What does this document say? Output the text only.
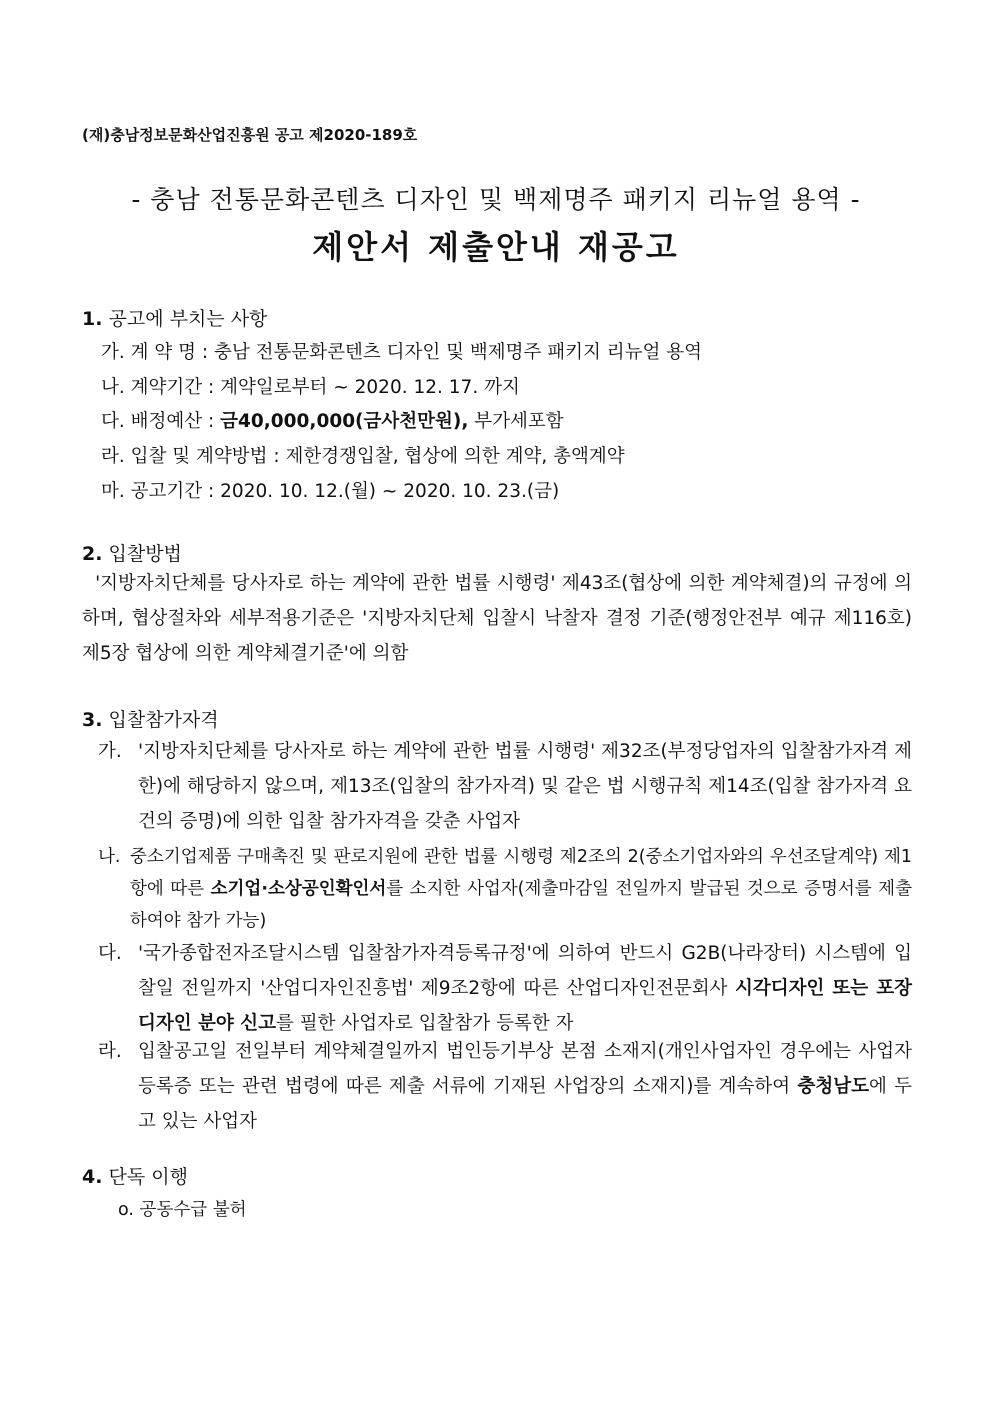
(재)충남정보문화산업진흥원 공고 제2020-189호
- 충남 전통문화콘텐츠 디자인 및 백제명주 패키지 리뉴얼 용역 -
제안서 제출안내 재공고
1. 공고에 부치는 사항
가. 계 약 명 : 충남 전통문화콘텐츠 디자인 및 백제명주 패키지 리뉴얼 용역
나. 계약기간 : 계약일로부터 ~ 2020. 12. 17. 까지
다. 배정예산 : 금40,000,000(금사천만원), 부가세포함
라. 입찰 및 계약방법 : 제한경쟁입찰, 협상에 의한 계약, 총액계약
마. 공고기간 : 2020. 10. 12.(월) ~ 2020. 10. 23.(금)
2. 입찰방법
'지방자치단체를 당사자로 하는 계약에 관한 법률 시행령' 제43조(협상에 의한 계약체결)의 규정에 의하며, 협상절차와 세부적용기준은 '지방자치단체 입찰시 낙찰자 결정 기준(행정안전부 예규 제116호) 제5장 협상에 의한 계약체결기준'에 의함
3. 입찰참가자격
가. '지방자치단체를 당사자로 하는 계약에 관한 법률 시행령' 제32조(부정당업자의 입찰참가자격 제한)에 해당하지 않으며, 제13조(입찰의 참가자격) 및 같은 법 시행규칙 제14조(입찰 참가자격 요건의 증명)에 의한 입찰 참가자격을 갖춘 사업자
나. 중소기업제품 구매촉진 및 판로지원에 관한 법률 시행령 제2조의 2(중소기업자와의 우선조달계약) 제1항에 따른 소기업·소상공인확인서를 소지한 사업자(제출마감일 전일까지 발급된 것으로 증명서를 제출하여야 참가 가능)
다. '국가종합전자조달시스템 입찰참가자격등록규정'에 의하여 반드시 G2B(나라장터) 시스템에 입찰일 전일까지 '산업디자인진흥법' 제9조2항에 따른 산업디자인전문회사 시각디자인 또는 포장디자인 분야 신고를 필한 사업자로 입찰참가 등록한 자
라. 입찰공고일 전일부터 계약체결일까지 법인등기부상 본점 소재지(개인사업자인 경우에는 사업자등록증 또는 관련 법령에 따른 제출 서류에 기재된 사업장의 소재지)를 계속하여 충청남도에 두고 있는 사업자
4. 단독 이행
o. 공동수급 불허
